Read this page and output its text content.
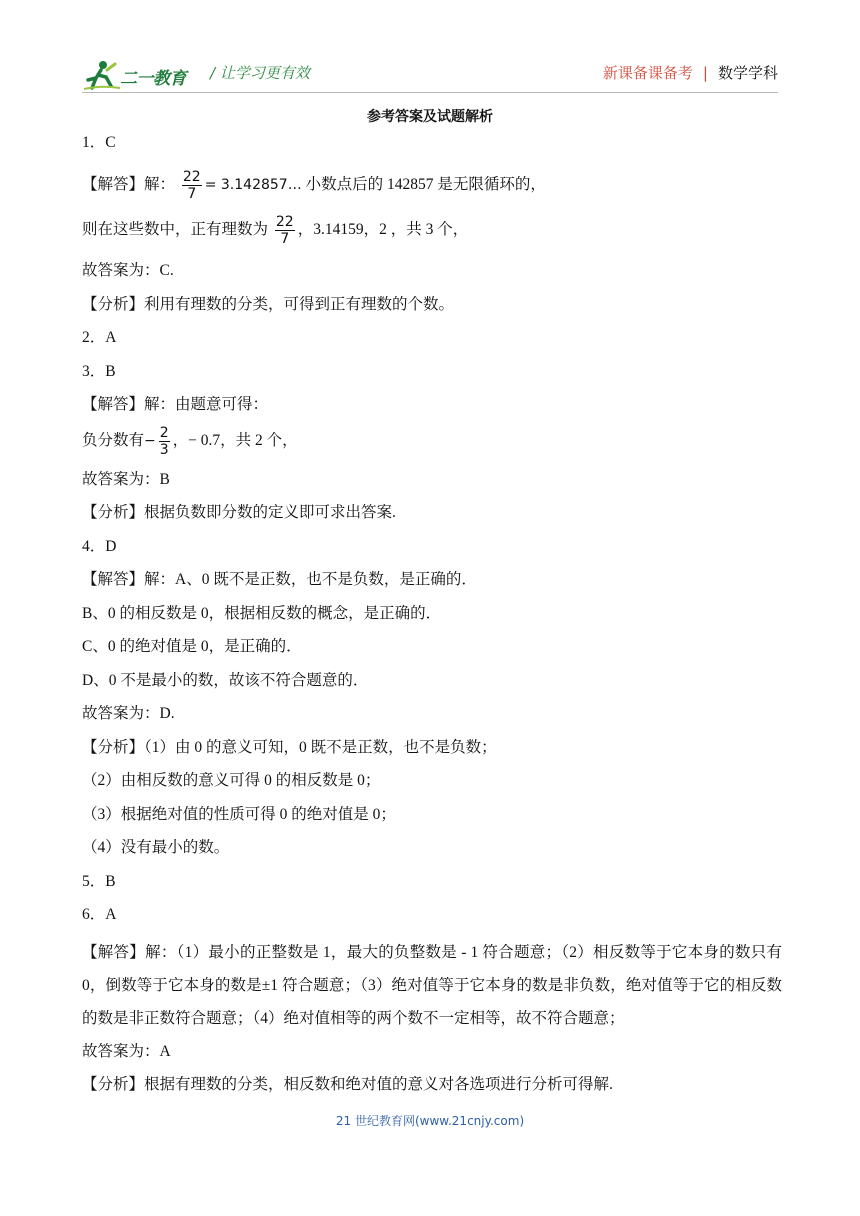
二一教育 / 让学习更有效	新课备课备考 | 数学学科
参考答案及试题解析
1．C
【解答】解： $\frac{22}{7}$ = 3.142857… 小数点后的 142857 是无限循环的，
则在这些数中，正有理数为 $\frac{22}{7}$ ，3.14159，2 ，共 3 个，
故答案为：C.
【分析】利用有理数的分类，可得到正有理数的个数。
2．A
3．B
【解答】解：由题意可得：
负分数有− $\frac{2}{3}$ ，− 0.7，共 2 个，
故答案为：B
【分析】根据负数即分数的定义即可求出答案.
4．D
【解答】解：A、0 既不是正数，也不是负数，是正确的．
B、0 的相反数是 0，根据相反数的概念，是正确的．
C、0 的绝对值是 0，是正确的．
D、0 不是最小的数，故该不符合题意的．
故答案为：D.
【分析】（1）由 0 的意义可知，0 既不是正数，也不是负数；
（2）由相反数的意义可得 0 的相反数是 0；
（3）根据绝对值的性质可得 0 的绝对值是 0；
（4）没有最小的数。
5．B
6．A
【解答】解：（1）最小的正整数是 1，最大的负整数是 - 1 符合题意；（2）相反数等于它本身的数只有 0，倒数等于它本身的数是±1 符合题意；（3）绝对值等于它本身的数是非负数，绝对值等于它的相反数的数是非正数符合题意；（4）绝对值相等的两个数不一定相等，故不符合题意；
故答案为：A
【分析】根据有理数的分类，相反数和绝对值的意义对各选项进行分析可得解.
21 世纪教育网(www.21cnjy.com)
